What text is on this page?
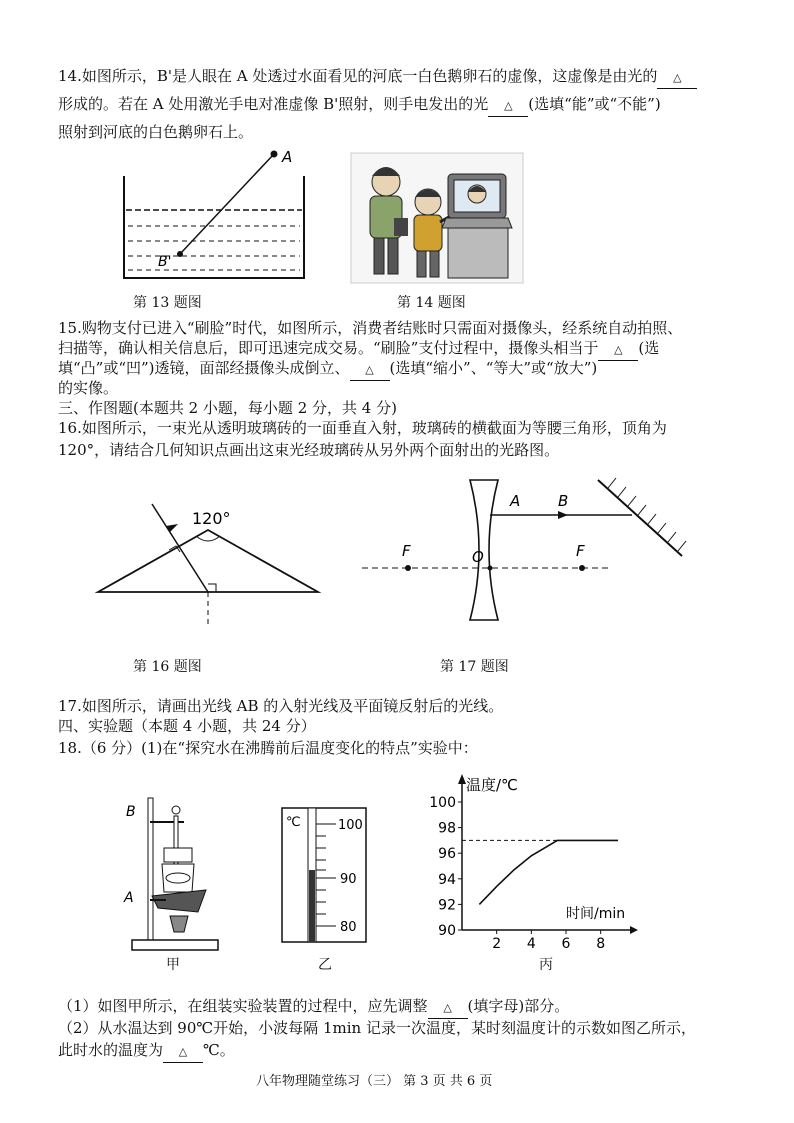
14.如图所示，B'是人眼在 A 处透过水面看见的河底一白色鹅卵石的虚像，这虚像是由光的 △
形成的。若在 A 处用激光手电对准虚像 B'照射，则手电发出的光 △ (选填“能”或“不能”)
照射到河底的白色鹅卵石上。
A
B'
第 13 题图	第 14 题图
15.购物支付已进入“刷脸”时代，如图所示，消费者结账时只需面对摄像头，经系统自动拍照、
扫描等，确认相关信息后，即可迅速完成交易。“刷脸”支付过程中，摄像头相当于 △ (选
填“凸”或“凹”)透镜，面部经摄像头成倒立、 △ (选填“缩小”、“等大”或“放大”)
的实像。
三、作图题(本题共 2 小题，每小题 2 分，共 4 分)
16.如图所示，一束光从透明玻璃砖的一面垂直入射，玻璃砖的横截面为等腰三角形，顶角为
120°，请结合几何知识点画出这束光经玻璃砖从另外两个面射出的光路图。
120°
第 16 题图
A	B
F	O	F
第 17 题图
17.如图所示，请画出光线 AB 的入射光线及平面镜反射后的光线。
四、实验题（本题 4 小题，共 24 分）
18.（6 分）(1)在“探究水在沸腾前后温度变化的特点”实验中：
B
A
甲
℃	100
90
80
乙
温度/℃
时间/min
90
92
94
96
98
100
2 4 6 8
丙
（1）如图甲所示，在组装实验装置的过程中，应先调整 △ (填字母)部分。
（2）从水温达到 90℃开始，小波每隔 1min 记录一次温度，某时刻温度计的示数如图乙所示，
此时水的温度为 △ ℃。
八年物理随堂练习（三） 第 3 页 共 6 页
